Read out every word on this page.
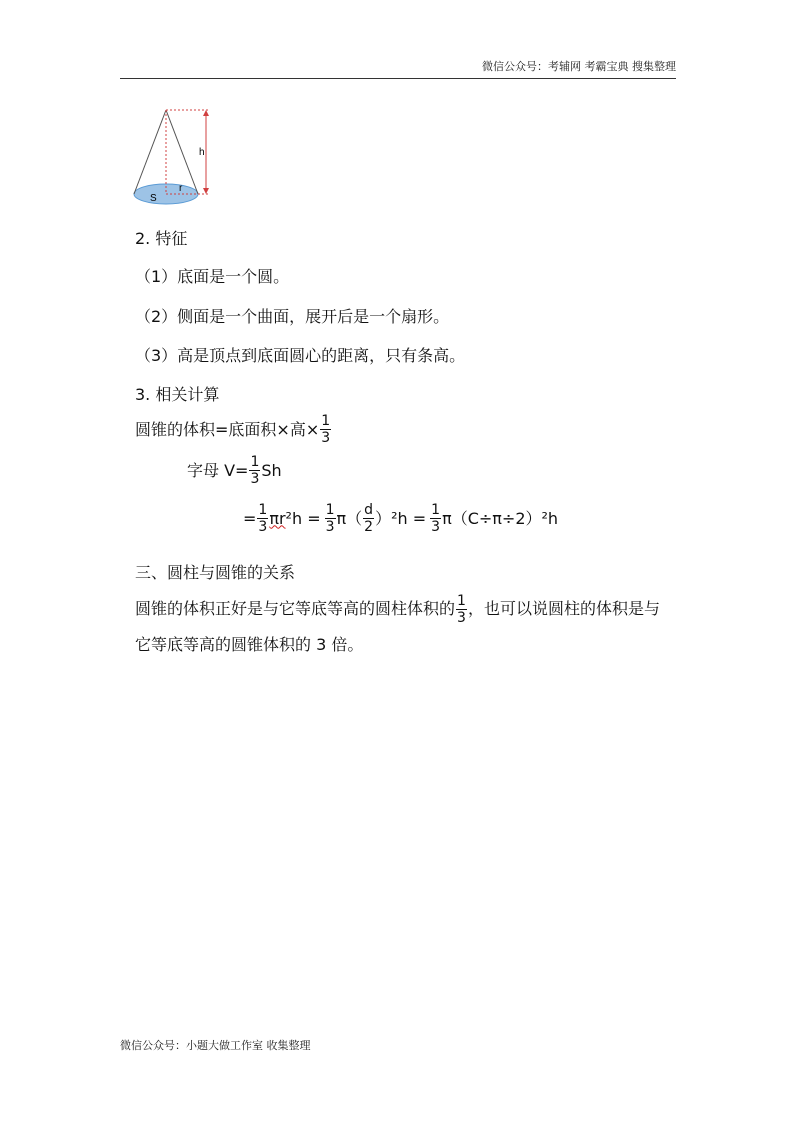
微信公众号：考辅网 考霸宝典 搜集整理
h
r
S
2. 特征
（1）底面是一个圆。
（2）侧面是一个曲面，展开后是一个扇形。
（3）高是顶点到底面圆心的距离，只有条高。
3. 相关计算
圆锥的体积=底面积×高× $\frac{1}{3}$
字母 $V= \frac{1}{3}$ Sh
= $\frac{1}{3}$ πr $^2h = \frac{1}{3} \pi( \frac{d}{2} )^2h = \frac{1}{3} \pi(C\div\pi\div 2)^2h$
三、圆柱与圆锥的关系
圆锥的体积正好是与它等底等高的圆柱体积的 $\frac{1}{3}$ ，也可以说圆柱的体积是与它等底等高的圆锥体积的 3 倍。
微信公众号：小题大做工作室 收集整理
